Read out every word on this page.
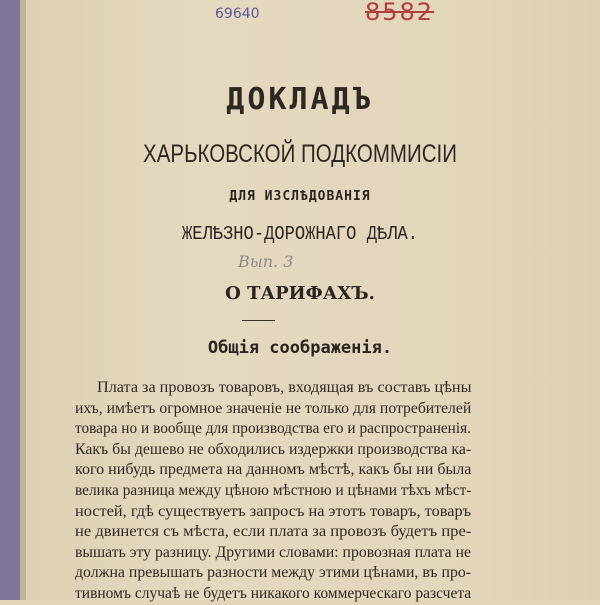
69640	8582
ДОКЛАДЪ
ХАРЬКОВСКОЙ ПОДКОММИСІИ
ДЛЯ ИЗСЛѢДОВАНІЯ
ЖЕЛѢЗНО-ДОРОЖНАГО ДѢЛА.
Вып. 3
О ТАРИФАХЪ.
Общія соображенія.
Плата за провозъ товаровъ, входящая въ составъ цѣны
ихъ, имѣетъ огромное значеніе не только для потребителей
товара но и вообще для производства его и распространенія.
Какъ бы дешево не обходились издержки производства ка-
кого нибудь предмета на данномъ мѣстѣ, какъ бы ни была
велика разница между цѣною мѣстною и цѣнами тѣхъ мѣст-
ностей, гдѣ существуетъ запросъ на этотъ товаръ, товаръ
не двинется съ мѣста, если плата за провозъ будетъ пре-
вышать эту разницу. Другими словами: провозная плата не
должна превышать разности между этими цѣнами, въ про-
тивномъ случаѣ не будетъ никакого коммерческаго разсчета
